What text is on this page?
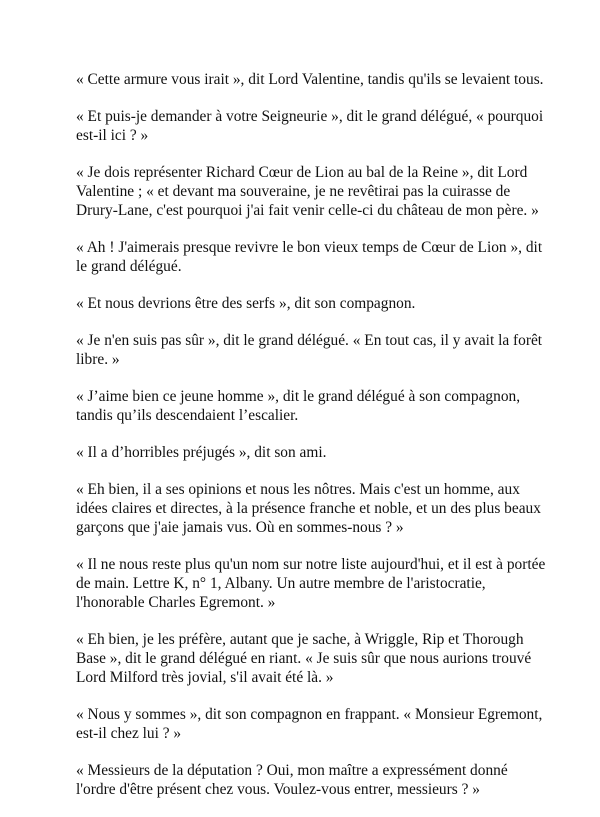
« Cette armure vous irait », dit Lord Valentine, tandis qu'ils se levaient tous.

« Et puis-je demander à votre Seigneurie », dit le grand délégué, « pourquoi est-il ici ? »

« Je dois représenter Richard Cœur de Lion au bal de la Reine », dit Lord Valentine ; « et devant ma souveraine, je ne revêtirai pas la cuirasse de Drury-Lane, c'est pourquoi j'ai fait venir celle-ci du château de mon père. »

« Ah ! J'aimerais presque revivre le bon vieux temps de Cœur de Lion », dit le grand délégué.

« Et nous devrions être des serfs », dit son compagnon.

« Je n'en suis pas sûr », dit le grand délégué. « En tout cas, il y avait la forêt libre. »

« J’aime bien ce jeune homme », dit le grand délégué à son compagnon, tandis qu’ils descendaient l’escalier.

« Il a d’horribles préjugés », dit son ami.

« Eh bien, il a ses opinions et nous les nôtres. Mais c'est un homme, aux idées claires et directes, à la présence franche et noble, et un des plus beaux garçons que j'aie jamais vus. Où en sommes-nous ? »

« Il ne nous reste plus qu'un nom sur notre liste aujourd'hui, et il est à portée de main. Lettre K, n° 1, Albany. Un autre membre de l'aristocratie, l'honorable Charles Egremont. »

« Eh bien, je les préfère, autant que je sache, à Wriggle, Rip et Thorough Base », dit le grand délégué en riant. « Je suis sûr que nous aurions trouvé Lord Milford très jovial, s'il avait été là. »

« Nous y sommes », dit son compagnon en frappant. « Monsieur Egremont, est-il chez lui ? »

« Messieurs de la députation ? Oui, mon maître a expressément donné l'ordre d'être présent chez vous. Voulez-vous entrer, messieurs ? »
